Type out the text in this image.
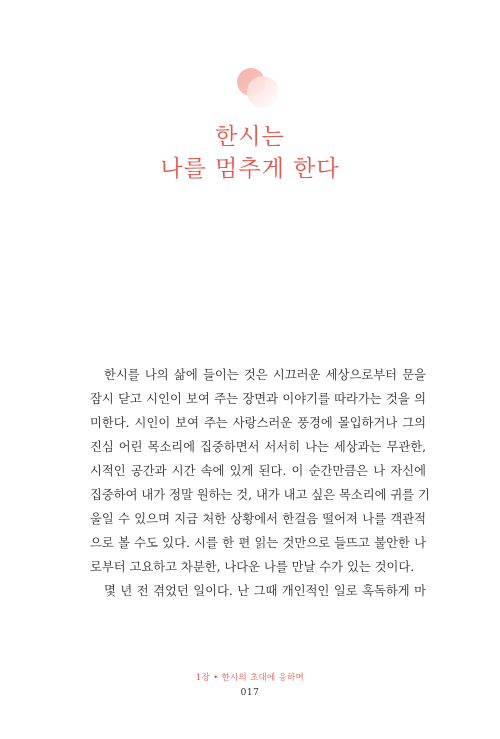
한시는
나를 멈추게 한다
한시를 나의 삶에 들이는 것은 시끄러운 세상으로부터 문을
잠시 닫고 시인이 보여 주는 장면과 이야기를 따라가는 것을 의
미한다. 시인이 보여 주는 사랑스러운 풍경에 몰입하거나 그의
진심 어린 목소리에 집중하면서 서서히 나는 세상과는 무관한,
시적인 공간과 시간 속에 있게 된다. 이 순간만큼은 나 자신에
집중하여 내가 정말 원하는 것, 내가 내고 싶은 목소리에 귀를 기
울일 수 있으며 지금 처한 상황에서 한걸음 떨어져 나를 객관적
으로 볼 수도 있다. 시를 한 편 읽는 것만으로 들뜨고 불안한 나
로부터 고요하고 차분한, 나다운 나를 만날 수가 있는 것이다.
몇 년 전 겪었던 일이다. 난 그때 개인적인 일로 혹독하게 마
1장 • 한시의 초대에 응하며
017
